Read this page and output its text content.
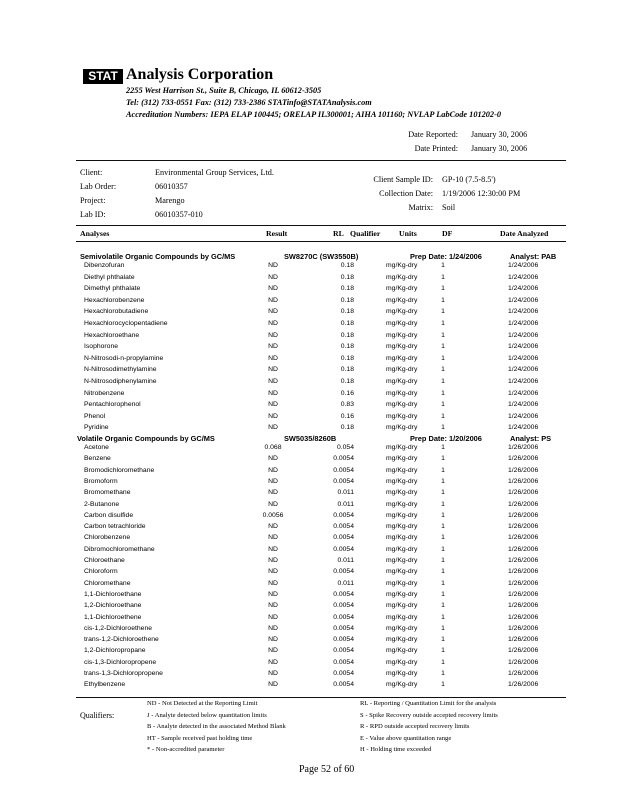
STAT Analysis Corporation
2255 West Harrison St., Suite B, Chicago, IL 60612-3505
Tel: (312) 733-0551 Fax: (312) 733-2386 STATinfo@STATAnalysis.com
Accreditation Numbers: IEPA ELAP 100445; ORELAP IL300001; AIHA 101160; NVLAP LabCode 101202-0
Date Reported: January 30, 2006
Date Printed: January 30, 2006
Client:	Environmental Group Services, Ltd.
Lab Order:	06010357
Project:	Marengo
Lab ID:	06010357-010
Client Sample ID: GP-10 (7.5-8.5')
Collection Date: 1/19/2006 12:30:00 PM
Matrix: Soil
Analyses	Result	RL Qualifier Units	DF	Date Analyzed
Semivolatile Organic Compounds by GC/MS	SW8270C (SW3550B)	Prep Date: 1/24/2006	Analyst: PAB
Dibenzofuran	ND	0.18	mg/Kg-dry	1	1/24/2006
Diethyl phthalate	ND	0.18	mg/Kg-dry	1	1/24/2006
Dimethyl phthalate	ND	0.18	mg/Kg-dry	1	1/24/2006
Hexachlorobenzene	ND	0.18	mg/Kg-dry	1	1/24/2006
Hexachlorobutadiene	ND	0.18	mg/Kg-dry	1	1/24/2006
Hexachlorocyclopentadiene	ND	0.18	mg/Kg-dry	1	1/24/2006
Hexachloroethane	ND	0.18	mg/Kg-dry	1	1/24/2006
Isophorone	ND	0.18	mg/Kg-dry	1	1/24/2006
N-Nitrosodi-n-propylamine	ND	0.18	mg/Kg-dry	1	1/24/2006
N-Nitrosodimethylamine	ND	0.18	mg/Kg-dry	1	1/24/2006
N-Nitrosodiphenylamine	ND	0.18	mg/Kg-dry	1	1/24/2006
Nitrobenzene	ND	0.16	mg/Kg-dry	1	1/24/2006
Pentachlorophenol	ND	0.83	mg/Kg-dry	1	1/24/2006
Phenol	ND	0.16	mg/Kg-dry	1	1/24/2006
Pyridine	ND	0.18	mg/Kg-dry	1	1/24/2006
Volatile Organic Compounds by GC/MS	SW5035/8260B	Prep Date: 1/20/2006	Analyst: PS
Acetone	0.068	0.054	mg/Kg-dry	1	1/26/2006
Benzene	ND	0.0054	mg/Kg-dry	1	1/26/2006
Bromodichloromethane	ND	0.0054	mg/Kg-dry	1	1/26/2006
Bromoform	ND	0.0054	mg/Kg-dry	1	1/26/2006
Bromomethane	ND	0.011	mg/Kg-dry	1	1/26/2006
2-Butanone	ND	0.011	mg/Kg-dry	1	1/26/2006
Carbon disulfide	0.0056	0.0054	mg/Kg-dry	1	1/26/2006
Carbon tetrachloride	ND	0.0054	mg/Kg-dry	1	1/26/2006
Chlorobenzene	ND	0.0054	mg/Kg-dry	1	1/26/2006
Dibromochloromethane	ND	0.0054	mg/Kg-dry	1	1/26/2006
Chloroethane	ND	0.011	mg/Kg-dry	1	1/26/2006
Chloroform	ND	0.0054	mg/Kg-dry	1	1/26/2006
Chloromethane	ND	0.011	mg/Kg-dry	1	1/26/2006
1,1-Dichloroethane	ND	0.0054	mg/Kg-dry	1	1/26/2006
1,2-Dichloroethane	ND	0.0054	mg/Kg-dry	1	1/26/2006
1,1-Dichloroethene	ND	0.0054	mg/Kg-dry	1	1/26/2006
cis-1,2-Dichloroethene	ND	0.0054	mg/Kg-dry	1	1/26/2006
trans-1,2-Dichloroethene	ND	0.0054	mg/Kg-dry	1	1/26/2006
1,2-Dichloropropane	ND	0.0054	mg/Kg-dry	1	1/26/2006
cis-1,3-Dichloropropene	ND	0.0054	mg/Kg-dry	1	1/26/2006
trans-1,3-Dichloropropene	ND	0.0054	mg/Kg-dry	1	1/26/2006
Ethylbenzene	ND	0.0054	mg/Kg-dry	1	1/26/2006
Qualifiers:
ND - Not Detected at the Reporting Limit
J - Analyte detected below quantitation limits
B - Analyte detected in the associated Method Blank
HT - Sample received past holding time
* - Non-accredited parameter
RL - Reporting / Quantitation Limit for the analysis
S - Spike Recovery outside accepted recovery limits
R - RPD outside accepted recovery limits
E - Value above quantitation range
H - Holding time exceeded
Page 52 of 60
